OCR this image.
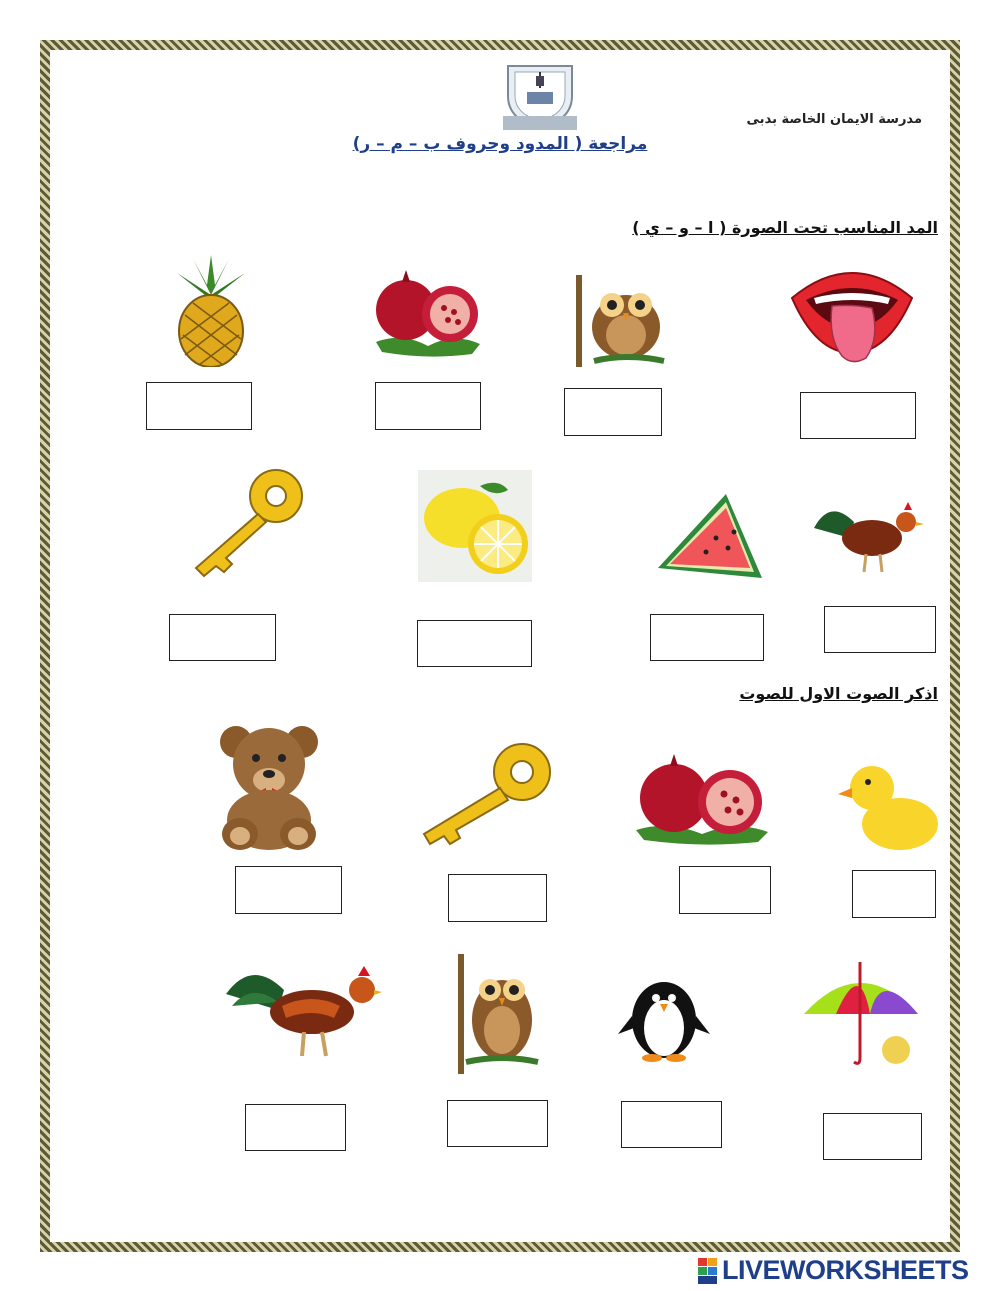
مدرسة الايمان الخاصة بدبى
مراجعة ( المدود وحروف ب – م – ر)
المد المناسب تحت الصورة ( ا – و – ي )
اذكر الصوت الاول للصوت
LIVEWORKSHEETS
